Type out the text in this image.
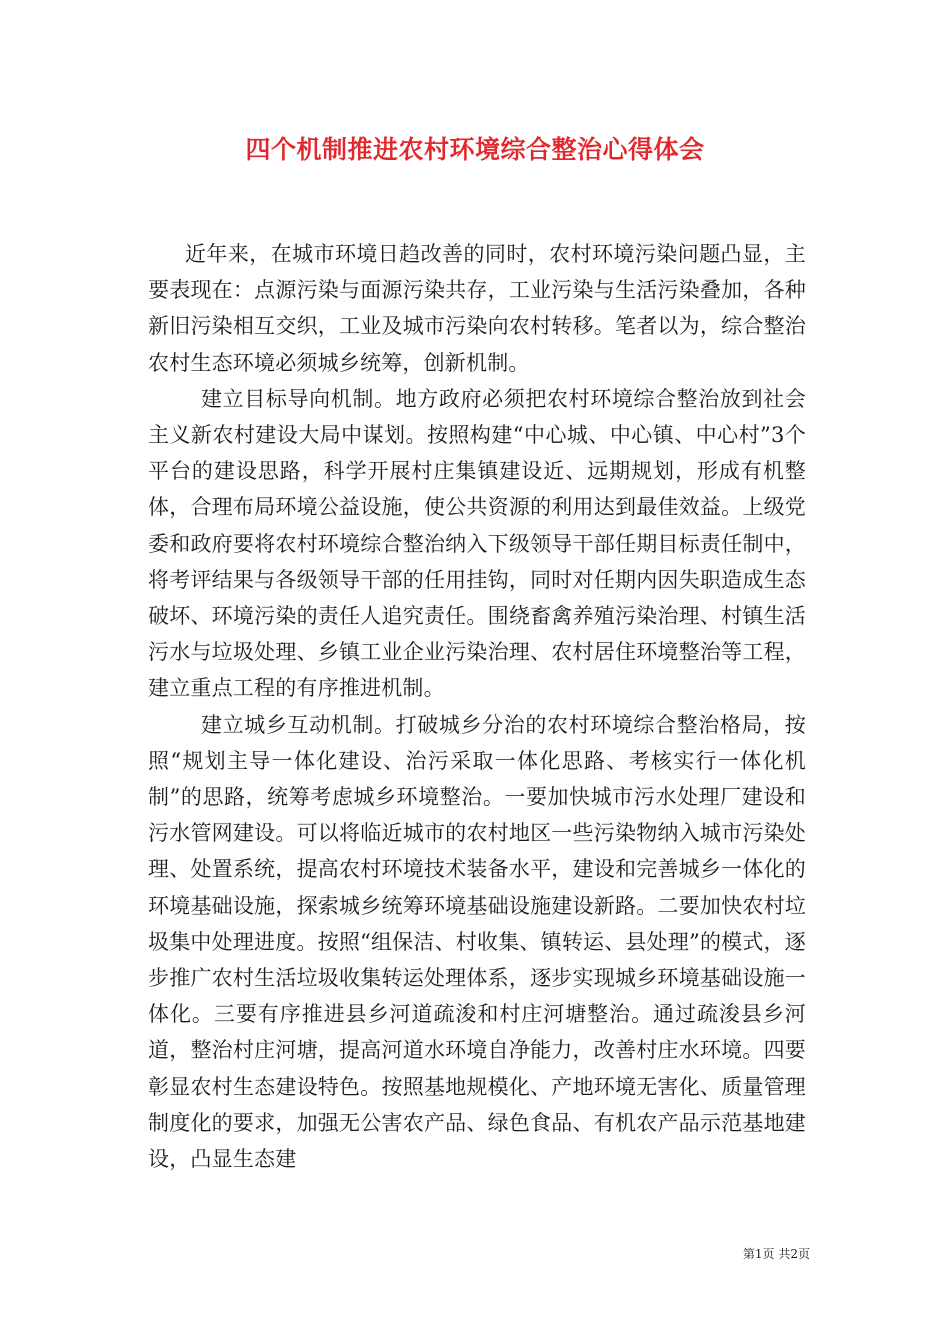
四个机制推进农村环境综合整治心得体会

近年来，在城市环境日趋改善的同时，农村环境污染问题凸显，主要表现在：点源污染与面源污染共存，工业污染与生活污染叠加，各种新旧污染相互交织，工业及城市污染向农村转移。笔者以为，综合整治农村生态环境必须城乡统筹，创新机制。

建立目标导向机制。地方政府必须把农村环境综合整治放到社会主义新农村建设大局中谋划。按照构建“中心城、中心镇、中心村”3个平台的建设思路，科学开展村庄集镇建设近、远期规划，形成有机整体，合理布局环境公益设施，使公共资源的利用达到最佳效益。上级党委和政府要将农村环境综合整治纳入下级领导干部任期目标责任制中，将考评结果与各级领导干部的任用挂钩，同时对任期内因失职造成生态破坏、环境污染的责任人追究责任。围绕畜禽养殖污染治理、村镇生活污水与垃圾处理、乡镇工业企业污染治理、农村居住环境整治等工程，建立重点工程的有序推进机制。

建立城乡互动机制。打破城乡分治的农村环境综合整治格局，按照“规划主导一体化建设、治污采取一体化思路、考核实行一体化机制”的思路，统筹考虑城乡环境整治。一要加快城市污水处理厂建设和污水管网建设。可以将临近城市的农村地区一些污染物纳入城市污染处理、处置系统，提高农村环境技术装备水平，建设和完善城乡一体化的环境基础设施，探索城乡统筹环境基础设施建设新路。二要加快农村垃圾集中处理进度。按照“组保洁、村收集、镇转运、县处理”的模式，逐步推广农村生活垃圾收集转运处理体系，逐步实现城乡环境基础设施一体化。三要有序推进县乡河道疏浚和村庄河塘整治。通过疏浚县乡河道，整治村庄河塘，提高河道水环境自净能力，改善村庄水环境。四要彰显农村生态建设特色。按照基地规模化、产地环境无害化、质量管理制度化的要求，加强无公害农产品、绿色食品、有机农产品示范基地建设，凸显生态建

第1页 共2页
